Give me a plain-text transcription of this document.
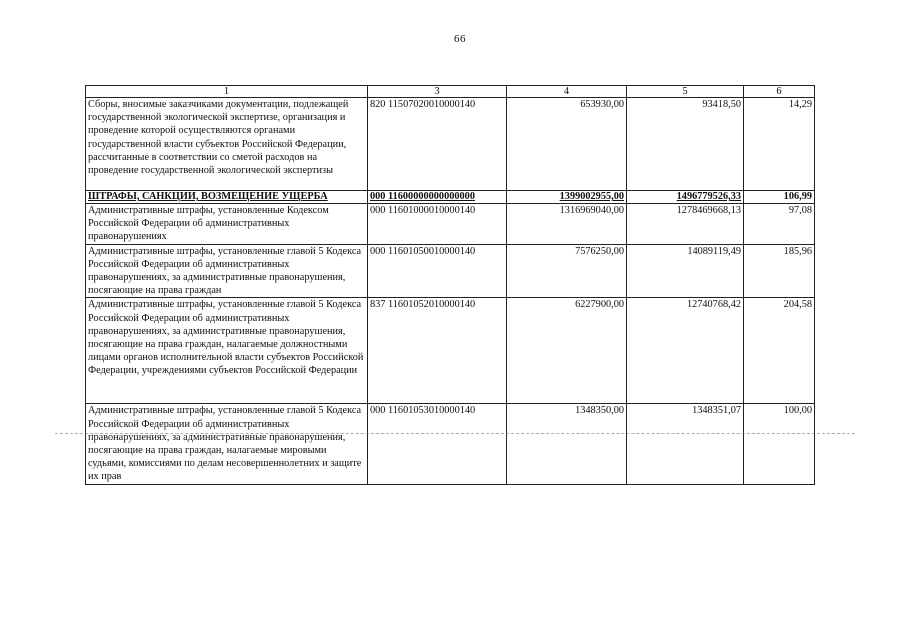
66
1	3	4	5	6
Сборы, вносимые заказчиками документации, подлежащей государственной экологической экспертизе, организация и проведение которой осуществляются органами государственной власти субъектов Российской Федерации, рассчитанные в соответствии со сметой расходов на проведение государственной экологической экспертизы	820 11507020010000140	653930,00	93418,50	14,29
ШТРАФЫ, САНКЦИИ, ВОЗМЕЩЕНИЕ УЩЕРБА	000 11600000000000000	1399002955,00	1496779526,33	106,99
Административные штрафы, установленные Кодексом Российской Федерации об административных правонарушениях	000 11601000010000140	1316969040,00	1278469668,13	97,08
Административные штрафы, установленные главой 5 Кодекса Российской Федерации об административных правонарушениях, за административные правонарушения, посягающие на права граждан	000 11601050010000140	7576250,00	14089119,49	185,96
Административные штрафы, установленные главой 5 Кодекса Российской Федерации об административных правонарушениях, за административные правонарушения, посягающие на права граждан, налагаемые должностными лицами органов исполнительной власти субъектов Российской Федерации, учреждениями субъектов Российской Федерации	837 11601052010000140	6227900,00	12740768,42	204,58
Административные штрафы, установленные главой 5 Кодекса Российской Федерации об административных правонарушениях, за административные правонарушения, посягающие на права граждан, налагаемые мировыми судьями, комиссиями по делам несовершеннолетних и защите их прав	000 11601053010000140	1348350,00	1348351,07	100,00
